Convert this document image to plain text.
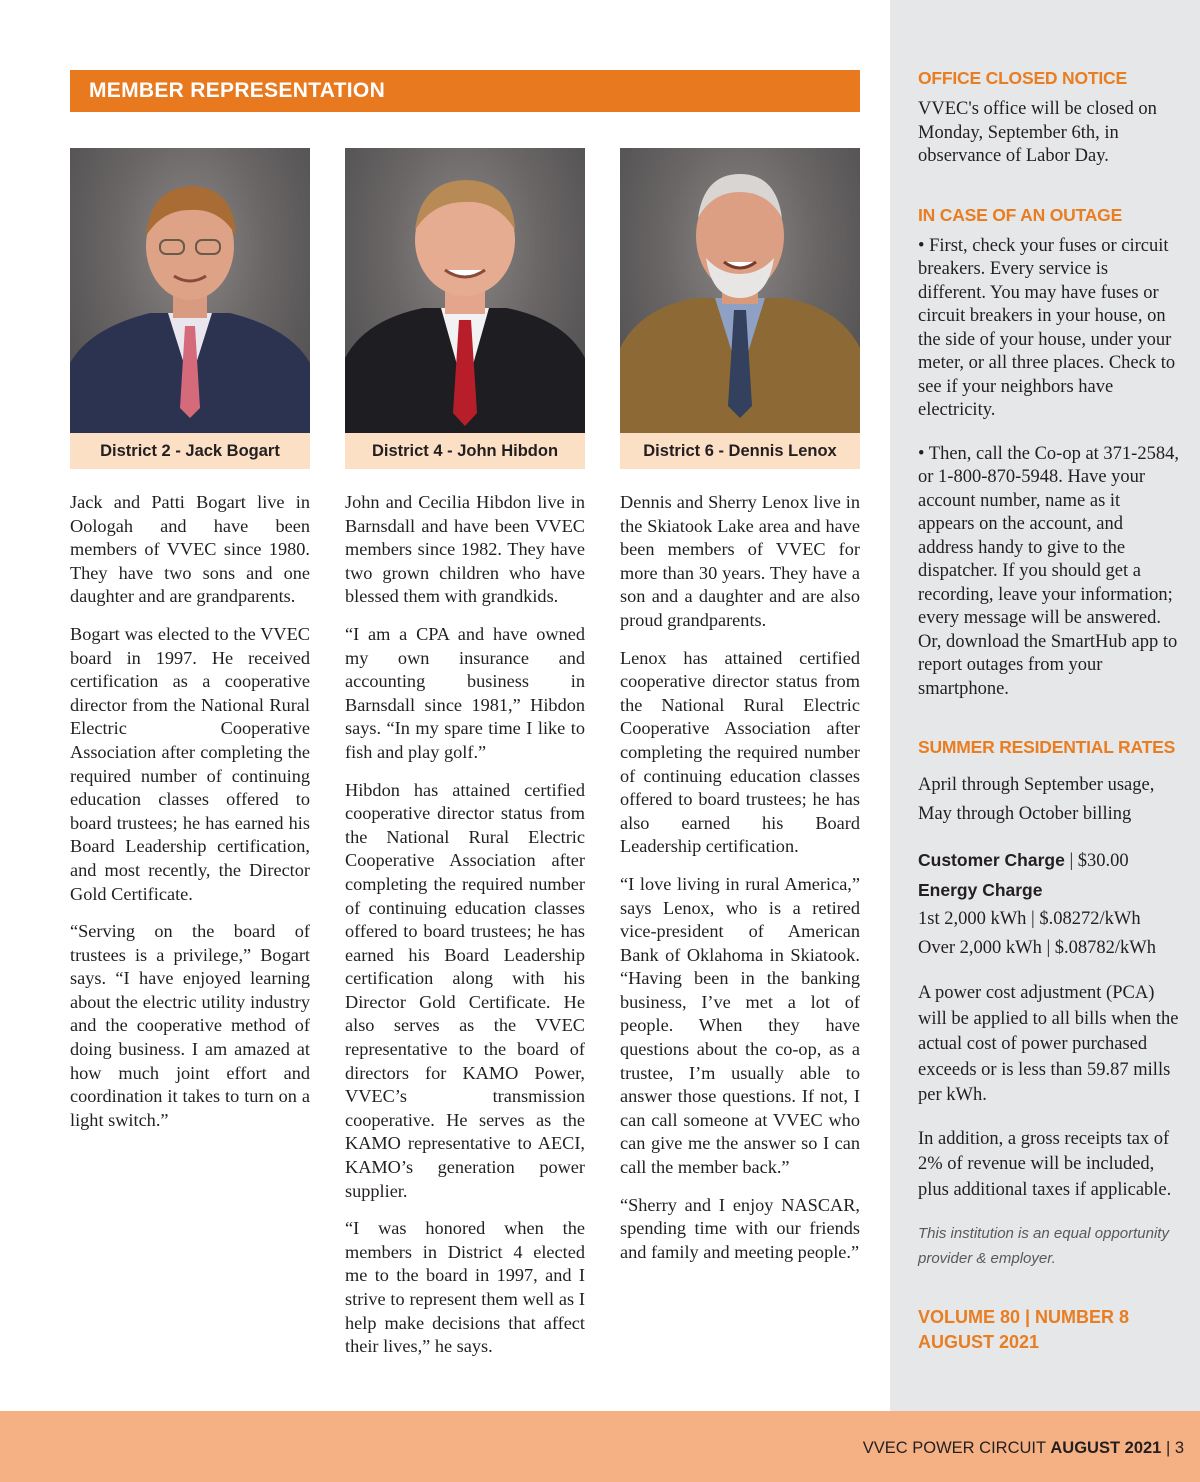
MEMBER REPRESENTATION
District 2 - Jack Bogart

Jack and Patti Bogart live in Oologah and have been members of VVEC since 1980. They have two sons and one daughter and are grandparents.

Bogart was elected to the VVEC board in 1997. He received certification as a cooperative director from the National Rural Electric Cooperative Association after completing the required number of continuing education classes offered to board trustees; he has earned his Board Leadership certification, and most recently, the Director Gold Certificate.

“Serving on the board of trustees is a privilege,” Bogart says. “I have enjoyed learning about the electric utility industry and the cooperative method of doing business. I am amazed at how much joint effort and coordination it takes to turn on a light switch.”

District 4 - John Hibdon

John and Cecilia Hibdon live in Barnsdall and have been VVEC members since 1982. They have two grown children who have blessed them with grandkids.

“I am a CPA and have owned my own insurance and accounting business in Barnsdall since 1981,” Hibdon says. “In my spare time I like to fish and play golf.”

Hibdon has attained certified cooperative director status from the National Rural Electric Cooperative Association after completing the required number of continuing education classes offered to board trustees; he has earned his Board Leadership certification along with his Director Gold Certificate. He also serves as the VVEC representative to the board of directors for KAMO Power, VVEC’s transmission cooperative. He serves as the KAMO representative to AECI, KAMO’s generation power supplier.

“I was honored when the members in District 4 elected me to the board in 1997, and I strive to represent them well as I help make decisions that affect their lives,” he says.

District 6 - Dennis Lenox

Dennis and Sherry Lenox live in the Skiatook Lake area and have been members of VVEC for more than 30 years. They have a son and a daughter and are also proud grandparents.

Lenox has attained certified cooperative director status from the National Rural Electric Cooperative Association after completing the required number of continuing education classes offered to board trustees; he has also earned his Board Leadership certification.

“I love living in rural America,” says Lenox, who is a retired vice-president of American Bank of Oklahoma in Skiatook. “Having been in the banking business, I’ve met a lot of people. When they have questions about the co-op, as a trustee, I’m usually able to answer those questions. If not, I can call someone at VVEC who can give me the answer so I can call the member back.”

“Sherry and I enjoy NASCAR, spending time with our friends and family and meeting people.”

OFFICE CLOSED NOTICE
VVEC's office will be closed on Monday, September 6th, in observance of Labor Day.
IN CASE OF AN OUTAGE
• First, check your fuses or circuit breakers. Every service is different. You may have fuses or circuit breakers in your house, on the side of your house, under your meter, or all three places. Check to see if your neighbors have electricity.
• Then, call the Co-op at 371-2584, or 1-800-870-5948. Have your account number, name as it appears on the account, and address handy to give to the dispatcher. If you should get a recording, leave your information; every message will be answered. Or, download the SmartHub app to report outages from your smartphone.
SUMMER RESIDENTIAL RATES
April through September usage,
May through October billing
Customer Charge | $30.00
Energy Charge
1st 2,000 kWh | $.08272/kWh
Over 2,000 kWh | $.08782/kWh
A power cost adjustment (PCA) will be applied to all bills when the actual cost of power purchased exceeds or is less than 59.87 mills per kWh.
In addition, a gross receipts tax of 2% of revenue will be included, plus additional taxes if applicable.
This institution is an equal opportunity provider & employer.
VOLUME 80 | NUMBER 8
AUGUST 2021
VVEC POWER CIRCUIT AUGUST 2021 | 3
